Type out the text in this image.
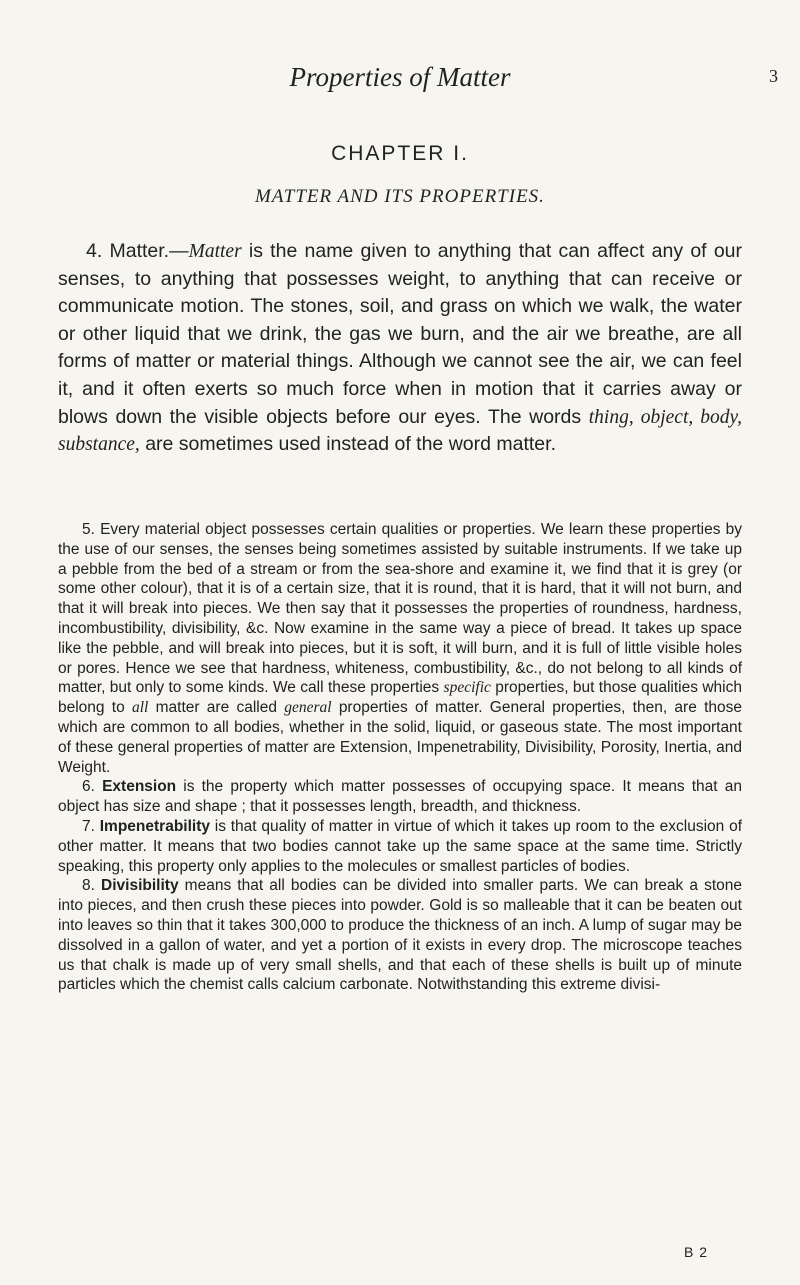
Properties of Matter	3
CHAPTER I.
MATTER AND ITS PROPERTIES.

4. Matter.—Matter is the name given to anything that can affect any of our senses, to anything that possesses weight, to anything that can receive or communicate motion. The stones, soil, and grass on which we walk, the water or other liquid that we drink, the gas we burn, and the air we breathe, are all forms of matter or material things. Although we cannot see the air, we can feel it, and it often exerts so much force when in motion that it carries away or blows down the visible objects before our eyes. The words thing, object, body, substance, are sometimes used instead of the word matter.

5. Every material object possesses certain qualities or properties. We learn these properties by the use of our senses, the senses being sometimes assisted by suitable instruments. If we take up a pebble from the bed of a stream or from the sea-shore and examine it, we find that it is grey (or some other colour), that it is of a certain size, that it is round, that it is hard, that it will not burn, and that it will break into pieces. We then say that it possesses the properties of roundness, hardness, incombustibility, divisibility, &c. Now examine in the same way a piece of bread. It takes up space like the pebble, and will break into pieces, but it is soft, it will burn, and it is full of little visible holes or pores. Hence we see that hardness, whiteness, combustibility, &c., do not belong to all kinds of matter, but only to some kinds. We call these properties specific properties, but those qualities which belong to all matter are called general properties of matter. General properties, then, are those which are common to all bodies, whether in the solid, liquid, or gaseous state. The most important of these general properties of matter are Extension, Impenetrability, Divisibility, Porosity, Inertia, and Weight.

6. Extension is the property which matter possesses of occupying space. It means that an object has size and shape ; that it possesses length, breadth, and thickness.

7. Impenetrability is that quality of matter in virtue of which it takes up room to the exclusion of other matter. It means that two bodies cannot take up the same space at the same time. Strictly speaking, this property only applies to the molecules or smallest particles of bodies.

8. Divisibility means that all bodies can be divided into smaller parts. We can break a stone into pieces, and then crush these pieces into powder. Gold is so malleable that it can be beaten out into leaves so thin that it takes 300,000 to produce the thickness of an inch. A lump of sugar may be dissolved in a gallon of water, and yet a portion of it exists in every drop. The microscope teaches us that chalk is made up of very small shells, and that each of these shells is built up of minute particles which the chemist calls calcium carbonate. Notwithstanding this extreme divisi-

B 2
